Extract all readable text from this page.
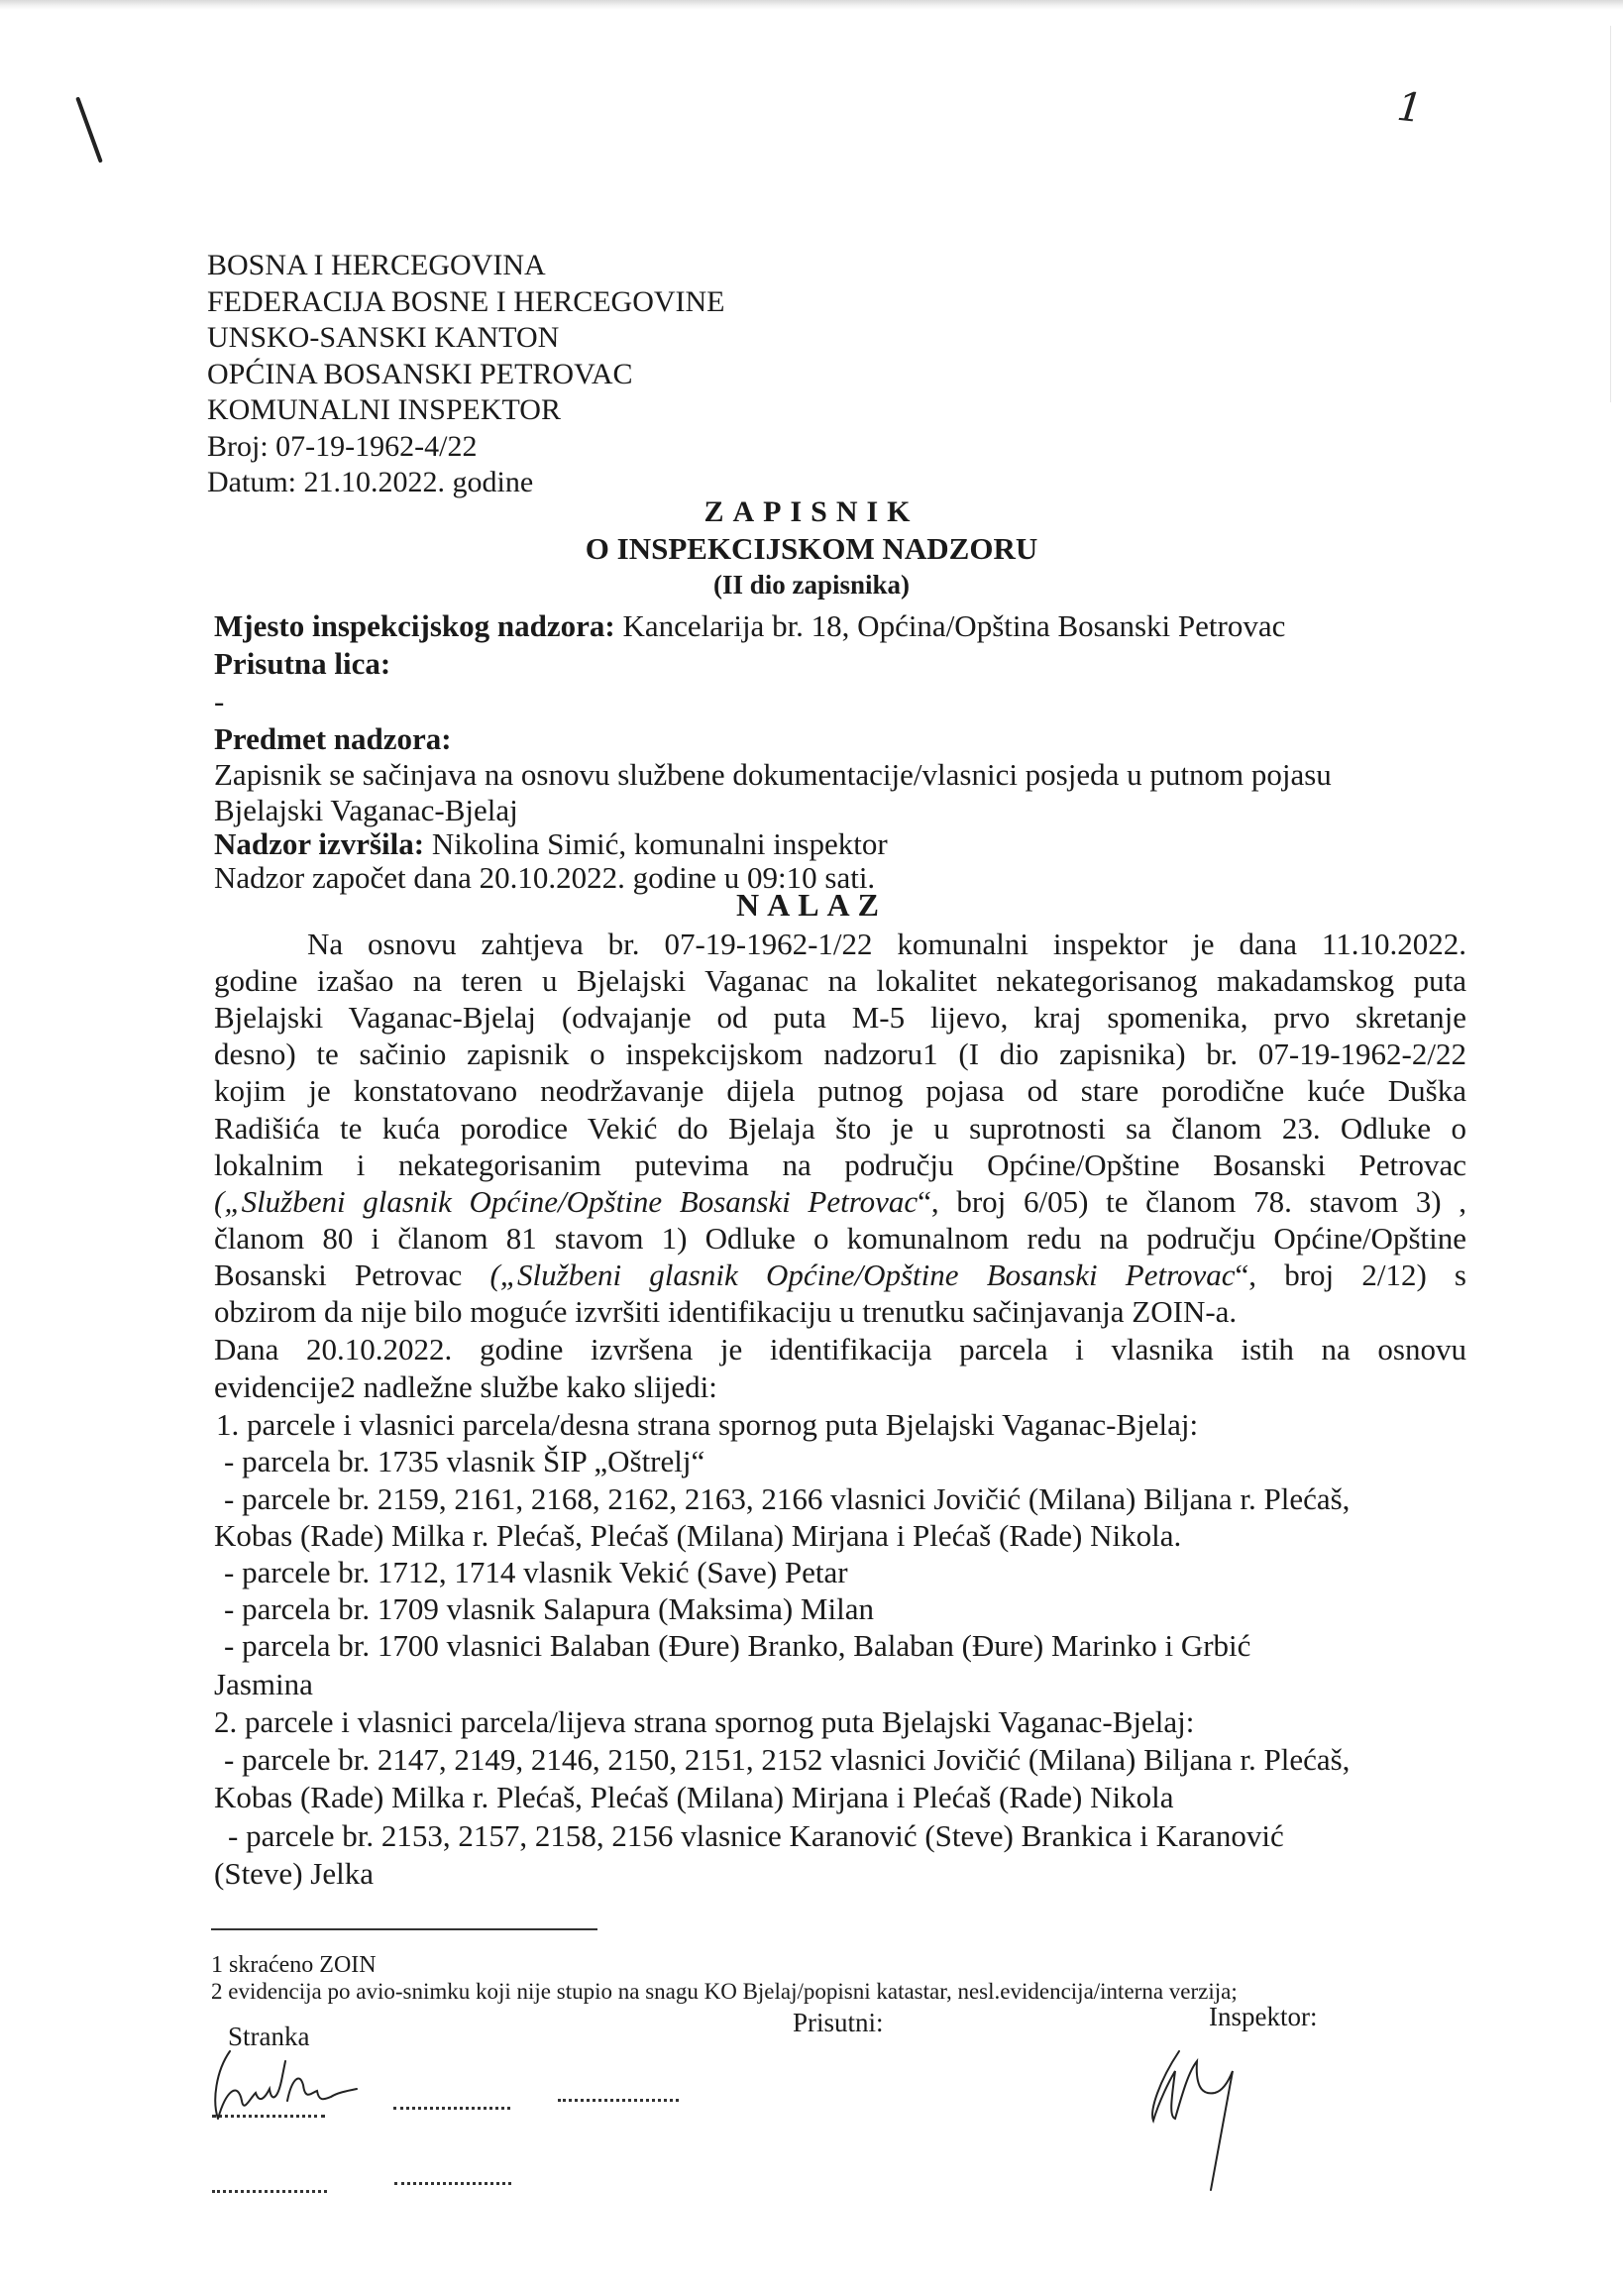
1
BOSNA I HERCEGOVINA
FEDERACIJA BOSNE I HERCEGOVINE
UNSKO-SANSKI KANTON
OPĆINA BOSANSKI PETROVAC
KOMUNALNI INSPEKTOR
Broj: 07-19-1962-4/22
Datum: 21.10.2022. godine
ZAPISNIK
O INSPEKCIJSKOM NADZORU
(II dio zapisnika)
Mjesto inspekcijskog nadzora: Kancelarija br. 18, Općina/Opština Bosanski Petrovac
Prisutna lica:
-
Predmet nadzora:
Zapisnik se sačinjava na osnovu službene dokumentacije/vlasnici posjeda u putnom pojasu
Bjelajski Vaganac-Bjelaj
Nadzor izvršila: Nikolina Simić, komunalni inspektor
Nadzor započet dana 20.10.2022. godine u 09:10 sati.
NALAZ
Na osnovu zahtjeva br. 07-19-1962-1/22 komunalni inspektor je dana 11.10.2022.
godine izašao na teren u Bjelajski Vaganac na lokalitet nekategorisanog makadamskog puta
Bjelajski Vaganac-Bjelaj (odvajanje od puta M-5 lijevo, kraj spomenika, prvo skretanje
desno) te sačinio zapisnik o inspekcijskom nadzoru1 (I dio zapisnika) br. 07-19-1962-2/22
kojim je konstatovano neodržavanje dijela putnog pojasa od stare porodične kuće Duška
Radišića te kuća porodice Vekić do Bjelaja što je u suprotnosti sa članom 23. Odluke o
lokalnim i nekategorisanim putevima na području Općine/Opštine Bosanski Petrovac
(„Službeni glasnik Općine/Opštine Bosanski Petrovac“, broj 6/05) te članom 78. stavom 3) ,
članom 80 i članom 81 stavom 1) Odluke o komunalnom redu na području Općine/Opštine
Bosanski Petrovac („Službeni glasnik Općine/Opštine Bosanski Petrovac“, broj 2/12) s
obzirom da nije bilo moguće izvršiti identifikaciju u trenutku sačinjavanja ZOIN-a.
Dana 20.10.2022. godine izvršena je identifikacija parcela i vlasnika istih na osnovu
evidencije2 nadležne službe kako slijedi:
1. parcele i vlasnici parcela/desna strana spornog puta Bjelajski Vaganac-Bjelaj:
- parcela br. 1735 vlasnik ŠIP „Oštrelj“
- parcele br. 2159, 2161, 2168, 2162, 2163, 2166 vlasnici Jovičić (Milana) Biljana r. Plećaš,
Kobas (Rade) Milka r. Plećaš, Plećaš (Milana) Mirjana i Plećaš (Rade) Nikola.
- parcele br. 1712, 1714 vlasnik Vekić (Save) Petar
- parcela br. 1709 vlasnik Salapura (Maksima) Milan
- parcela br. 1700 vlasnici Balaban (Đure) Branko, Balaban (Đure) Marinko i Grbić
Jasmina
2. parcele i vlasnici parcela/lijeva strana spornog puta Bjelajski Vaganac-Bjelaj:
- parcele br. 2147, 2149, 2146, 2150, 2151, 2152 vlasnici Jovičić (Milana) Biljana r. Plećaš,
Kobas (Rade) Milka r. Plećaš, Plećaš (Milana) Mirjana i Plećaš (Rade) Nikola
- parcele br. 2153, 2157, 2158, 2156 vlasnice Karanović (Steve) Brankica i Karanović
(Steve) Jelka
1 skraćeno ZOIN
2 evidencija po avio-snimku koji nije stupio na snagu KO Bjelaj/popisni katastar, nesl.evidencija/interna verzija;
Stranka	Prisutni:	Inspektor:
